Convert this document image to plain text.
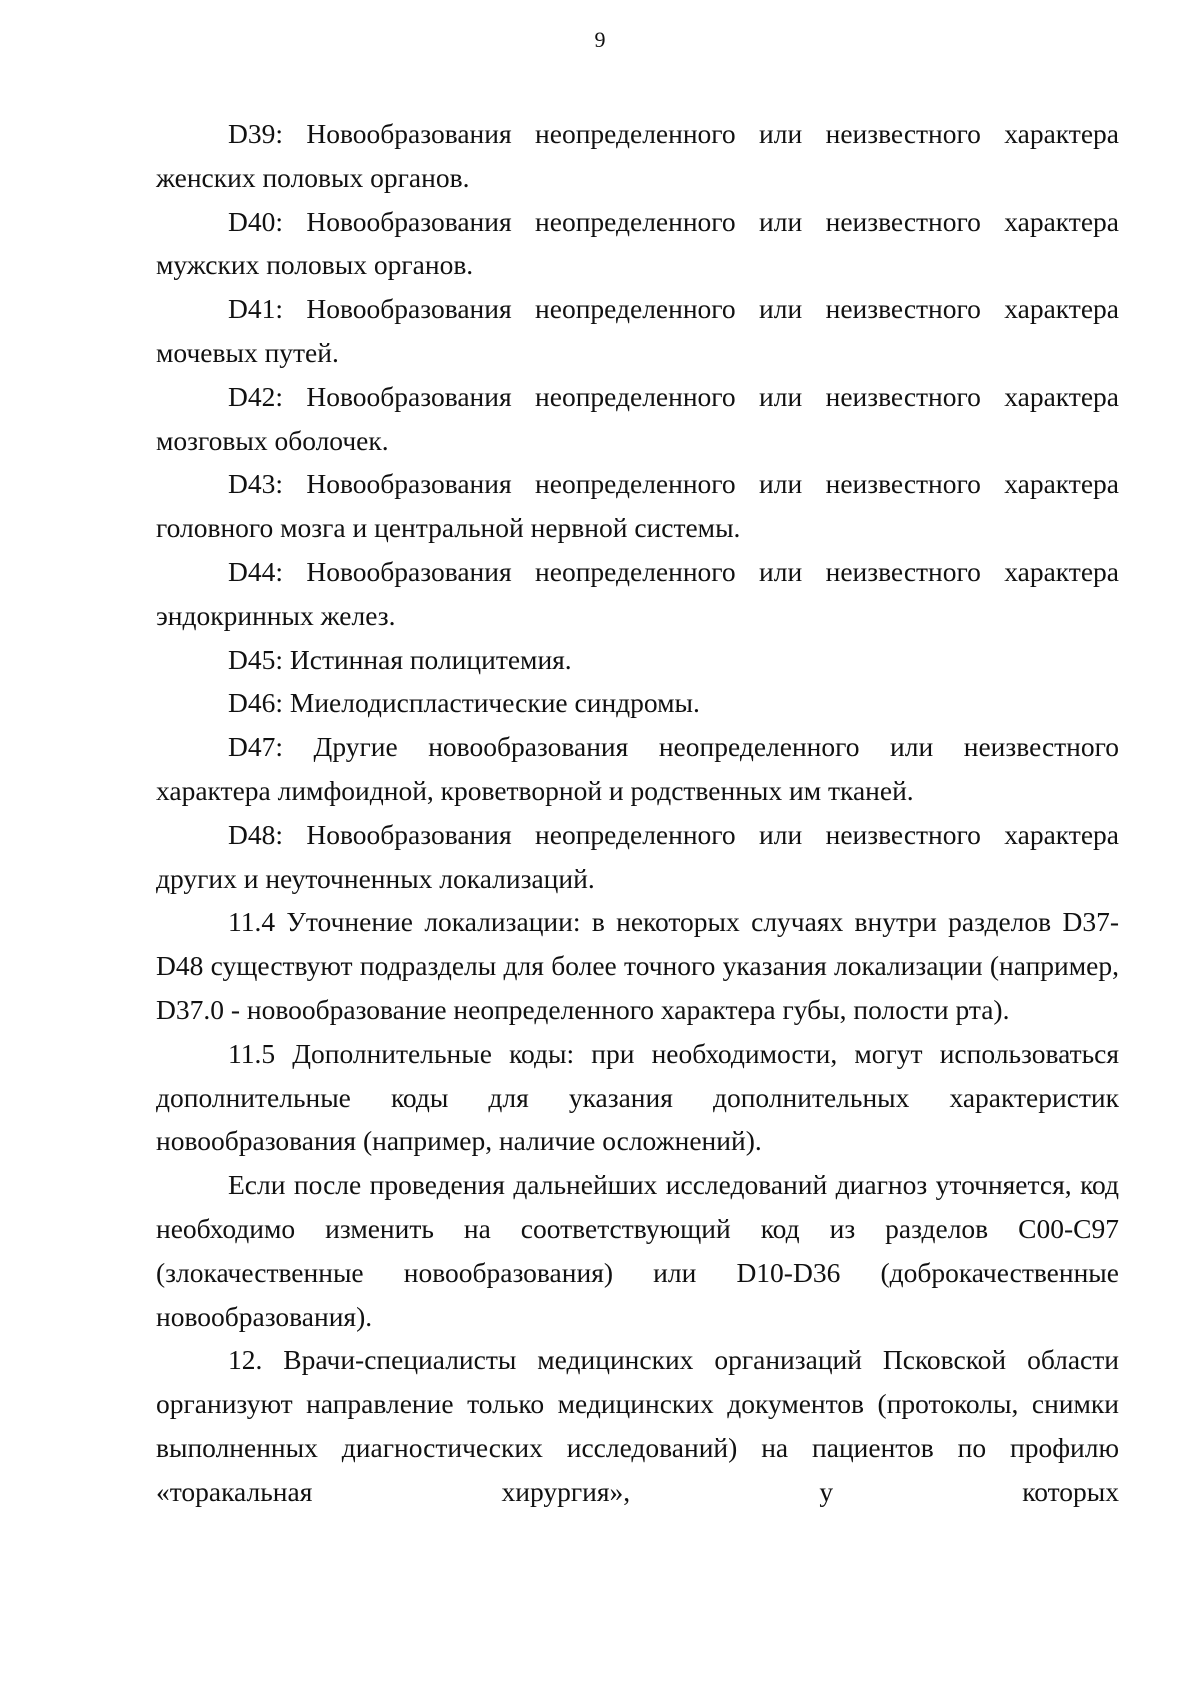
9

D39: Новообразования неопределенного или неизвестного характера женских половых органов.

D40: Новообразования неопределенного или неизвестного характера мужских половых органов.

D41: Новообразования неопределенного или неизвестного характера мочевых путей.

D42: Новообразования неопределенного или неизвестного характера мозговых оболочек.

D43: Новообразования неопределенного или неизвестного характера головного мозга и центральной нервной системы.

D44: Новообразования неопределенного или неизвестного характера эндокринных желез.

D45: Истинная полицитемия.

D46: Миелодиспластические синдромы.

D47: Другие новообразования неопределенного или неизвестного характера лимфоидной, кроветворной и родственных им тканей.

D48: Новообразования неопределенного или неизвестного характера других и неуточненных локализаций.

11.4 Уточнение локализации: в некоторых случаях внутри разделов D37-D48 существуют подразделы для более точного указания локализации (например, D37.0 - новообразование неопределенного характера губы, полости рта).

11.5 Дополнительные коды: при необходимости, могут использоваться дополнительные коды для указания дополнительных характеристик новообразования (например, наличие осложнений).

Если после проведения дальнейших исследований диагноз уточняется, код необходимо изменить на соответствующий код из разделов C00-C97 (злокачественные новообразования) или D10-D36 (доброкачественные новообразования).

12. Врачи-специалисты медицинских организаций Псковской области организуют направление только медицинских документов (протоколы, снимки выполненных диагностических исследований) на пациентов по профилю «торакальная хирургия», у которых
